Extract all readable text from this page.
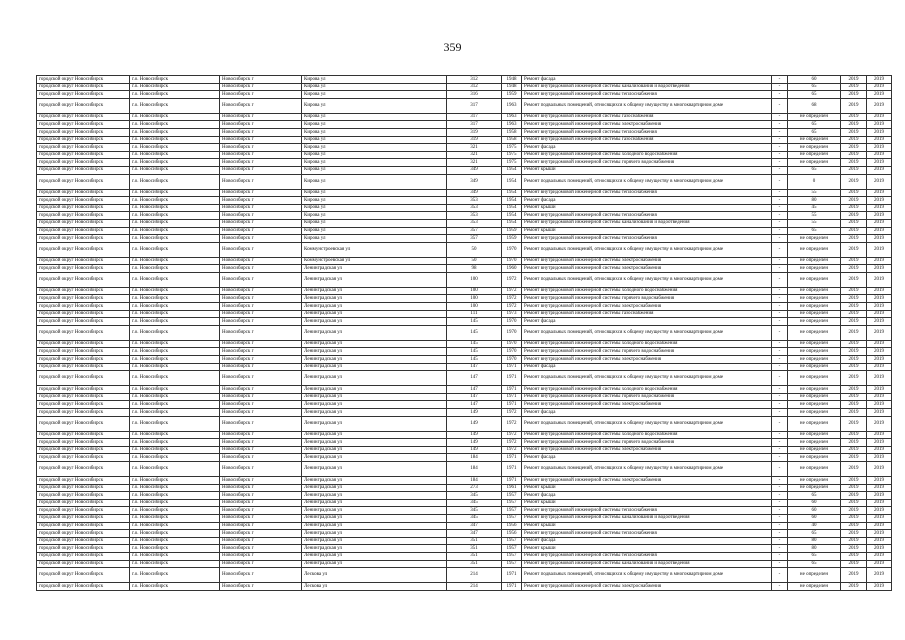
359
городской округ Новосибирск	г.о. Новосибирск	Новосибирск г	Кирова ул	312	1948	Ремонт фасада	-	60	2019	2019
городской округ Новосибирск	г.о. Новосибирск	Новосибирск г	Кирова ул	312	1948	Ремонт внутридомовой инженерной системы канализования и водоотведения	-	65	2019	2019
городской округ Новосибирск	г.о. Новосибирск	Новосибирск г	Кирова ул	316	1959	Ремонт внутридомовой инженерной системы теплоснабжения	-	65	2019	2019
городской округ Новосибирск	г.о. Новосибирск	Новосибирск г	Кирова ул	317	1963	Ремонт подвальных помещений, относящихся к общему имуществу в многоквартирном доме	-	68	2019	2019
городской округ Новосибирск	г.о. Новосибирск	Новосибирск г	Кирова ул	317	1963	Ремонт внутридомовой инженерной системы газоснабжения	-	не определен	2019	2019
городской округ Новосибирск	г.о. Новосибирск	Новосибирск г	Кирова ул	317	1963	Ремонт внутридомовой инженерной системы электроснабжения	-	65	2019	2019
городской округ Новосибирск	г.о. Новосибирск	Новосибирск г	Кирова ул	319	1958	Ремонт внутридомовой инженерной системы теплоснабжения	-	65	2019	2019
городской округ Новосибирск	г.о. Новосибирск	Новосибирск г	Кирова ул	319	1958	Ремонт внутридомовой инженерной системы газоснабжения	-	не определен	2019	2019
городской округ Новосибирск	г.о. Новосибирск	Новосибирск г	Кирова ул	321	1975	Ремонт фасада	-	не определен	2019	2019
городской округ Новосибирск	г.о. Новосибирск	Новосибирск г	Кирова ул	321	1975	Ремонт внутридомовой инженерной системы холодного водоснабжения	-	не определен	2019	2019
городской округ Новосибирск	г.о. Новосибирск	Новосибирск г	Кирова ул	321	1975	Ремонт внутридомовой инженерной системы горячего водоснабжения	-	не определен	2019	2019
городской округ Новосибирск	г.о. Новосибирск	Новосибирск г	Кирова ул	349	1954	Ремонт крыши	-	65	2019	2019
городской округ Новосибирск	г.о. Новосибирск	Новосибирск г	Кирова ул	349	1954	Ремонт подвальных помещений, относящихся к общему имуществу в многоквартирном доме	-	0	2019	2019
городской округ Новосибирск	г.о. Новосибирск	Новосибирск г	Кирова ул	349	1954	Ремонт внутридомовой инженерной системы теплоснабжения	-	55	2019	2019
городской округ Новосибирск	г.о. Новосибирск	Новосибирск г	Кирова ул	353	1954	Ремонт фасада	-	80	2019	2019
городской округ Новосибирск	г.о. Новосибирск	Новосибирск г	Кирова ул	353	1954	Ремонт крыши	-	45	2019	2019
городской округ Новосибирск	г.о. Новосибирск	Новосибирск г	Кирова ул	353	1954	Ремонт внутридомовой инженерной системы теплоснабжения	-	55	2019	2019
городской округ Новосибирск	г.о. Новосибирск	Новосибирск г	Кирова ул	353	1954	Ремонт внутридомовой инженерной системы канализования и водоотведения	-	55	2019	2019
городской округ Новосибирск	г.о. Новосибирск	Новосибирск г	Кирова ул	357	1959	Ремонт крыши	-	65	2019	2019
городской округ Новосибирск	г.о. Новосибирск	Новосибирск г	Кирова ул	357	1959	Ремонт внутридомовой инженерной системы теплоснабжения	-	не определен	2019	2019
городской округ Новосибирск	г.о. Новосибирск	Новосибирск г	Коммунстроевская ул	50	1970	Ремонт подвальных помещений, относящихся к общему имуществу в многоквартирном доме	-	не определен	2019	2019
городской округ Новосибирск	г.о. Новосибирск	Новосибирск г	Коммунстроевская ул	50	1970	Ремонт внутридомовой инженерной системы электроснабжения	-	не определен	2019	2019
городской округ Новосибирск	г.о. Новосибирск	Новосибирск г	Ленинградская ул	98	1960	Ремонт внутридомовой инженерной системы электроснабжения	-	не определен	2019	2019
городской округ Новосибирск	г.о. Новосибирск	Новосибирск г	Ленинградская ул	100	1972	Ремонт подвальных помещений, относящихся к общему имуществу в многоквартирном доме	-	не определен	2019	2019
городской округ Новосибирск	г.о. Новосибирск	Новосибирск г	Ленинградская ул	100	1972	Ремонт внутридомовой инженерной системы холодного водоснабжения	-	не определен	2019	2019
городской округ Новосибирск	г.о. Новосибирск	Новосибирск г	Ленинградская ул	100	1972	Ремонт внутридомовой инженерной системы горячего водоснабжения	-	не определен	2019	2019
городской округ Новосибирск	г.о. Новосибирск	Новосибирск г	Ленинградская ул	100	1972	Ремонт внутридомовой инженерной системы электроснабжения	-	не определен	2019	2019
городской округ Новосибирск	г.о. Новосибирск	Новосибирск г	Ленинградская ул	111	1973	Ремонт внутридомовой инженерной системы газоснабжения	-	не определен	2019	2019
городской округ Новосибирск	г.о. Новосибирск	Новосибирск г	Ленинградская ул	145	1970	Ремонт фасада	-	не определен	2019	2019
городской округ Новосибирск	г.о. Новосибирск	Новосибирск г	Ленинградская ул	145	1970	Ремонт подвальных помещений, относящихся к общему имуществу в многоквартирном доме	-	не определен	2019	2019
городской округ Новосибирск	г.о. Новосибирск	Новосибирск г	Ленинградская ул	145	1970	Ремонт внутридомовой инженерной системы холодного водоснабжения	-	не определен	2019	2019
городской округ Новосибирск	г.о. Новосибирск	Новосибирск г	Ленинградская ул	145	1970	Ремонт внутридомовой инженерной системы горячего водоснабжения	-	не определен	2019	2019
городской округ Новосибирск	г.о. Новосибирск	Новосибирск г	Ленинградская ул	145	1970	Ремонт внутридомовой инженерной системы электроснабжения	-	не определен	2019	2019
городской округ Новосибирск	г.о. Новосибирск	Новосибирск г	Ленинградская ул	147	1971	Ремонт фасада	-	не определен	2019	2019
городской округ Новосибирск	г.о. Новосибирск	Новосибирск г	Ленинградская ул	147	1971	Ремонт подвальных помещений, относящихся к общему имуществу в многоквартирном доме	-	не определен	2019	2019
городской округ Новосибирск	г.о. Новосибирск	Новосибирск г	Ленинградская ул	147	1971	Ремонт внутридомовой инженерной системы холодного водоснабжения	-	не определен	2019	2019
городской округ Новосибирск	г.о. Новосибирск	Новосибирск г	Ленинградская ул	147	1971	Ремонт внутридомовой инженерной системы горячего водоснабжения	-	не определен	2019	2019
городской округ Новосибирск	г.о. Новосибирск	Новосибирск г	Ленинградская ул	147	1971	Ремонт внутридомовой инженерной системы электроснабжения	-	не определен	2019	2019
городской округ Новосибирск	г.о. Новосибирск	Новосибирск г	Ленинградская ул	149	1972	Ремонт фасада	-	не определен	2019	2019
городской округ Новосибирск	г.о. Новосибирск	Новосибирск г	Ленинградская ул	149	1972	Ремонт подвальных помещений, относящихся к общему имуществу в многоквартирном доме	-	не определен	2019	2019
городской округ Новосибирск	г.о. Новосибирск	Новосибирск г	Ленинградская ул	149	1972	Ремонт внутридомовой инженерной системы холодного водоснабжения	-	не определен	2019	2019
городской округ Новосибирск	г.о. Новосибирск	Новосибирск г	Ленинградская ул	149	1972	Ремонт внутридомовой инженерной системы горячего водоснабжения	-	не определен	2019	2019
городской округ Новосибирск	г.о. Новосибирск	Новосибирск г	Ленинградская ул	149	1972	Ремонт внутридомовой инженерной системы электроснабжения	-	не определен	2019	2019
городской округ Новосибирск	г.о. Новосибирск	Новосибирск г	Ленинградская ул	184	1971	Ремонт фасада	-	не определен	2019	2019
городской округ Новосибирск	г.о. Новосибирск	Новосибирск г	Ленинградская ул	184	1971	Ремонт подвальных помещений, относящихся к общему имуществу в многоквартирном доме	-	не определен	2019	2019
городской округ Новосибирск	г.о. Новосибирск	Новосибирск г	Ленинградская ул	184	1971	Ремонт внутридомовой инженерной системы электроснабжения	-	не определен	2019	2019
городской округ Новосибирск	г.о. Новосибирск	Новосибирск г	Ленинградская ул	273	1961	Ремонт крыши	-	не определен	2019	2019
городской округ Новосибирск	г.о. Новосибирск	Новосибирск г	Ленинградская ул	345	1957	Ремонт фасада	-	65	2019	2019
городской округ Новосибирск	г.о. Новосибирск	Новосибирск г	Ленинградская ул	345	1957	Ремонт крыши	-	60	2019	2019
городской округ Новосибирск	г.о. Новосибирск	Новосибирск г	Ленинградская ул	345	1957	Ремонт внутридомовой инженерной системы теплоснабжения	-	60	2019	2019
городской округ Новосибирск	г.о. Новосибирск	Новосибирск г	Ленинградская ул	345	1957	Ремонт внутридомовой инженерной системы канализования и водоотведения	-	60	2019	2019
городской округ Новосибирск	г.о. Новосибирск	Новосибирск г	Ленинградская ул	347	1956	Ремонт крыши	-	40	2019	2019
городской округ Новосибирск	г.о. Новосибирск	Новосибирск г	Ленинградская ул	347	1956	Ремонт внутридомовой инженерной системы теплоснабжения	-	65	2019	2019
городской округ Новосибирск	г.о. Новосибирск	Новосибирск г	Ленинградская ул	351	1957	Ремонт фасада	-	80	2019	2019
городской округ Новосибирск	г.о. Новосибирск	Новосибирск г	Ленинградская ул	351	1957	Ремонт крыши	-	80	2019	2019
городской округ Новосибирск	г.о. Новосибирск	Новосибирск г	Ленинградская ул	351	1957	Ремонт внутридомовой инженерной системы теплоснабжения	-	65	2019	2019
городской округ Новосибирск	г.о. Новосибирск	Новосибирск г	Ленинградская ул	351	1957	Ремонт внутридомовой инженерной системы канализования и водоотведения	-	65	2019	2019
городской округ Новосибирск	г.о. Новосибирск	Новосибирск г	Лескова ул	214	1971	Ремонт подвальных помещений, относящихся к общему имуществу в многоквартирном доме	-	не определен	2019	2019
городской округ Новосибирск	г.о. Новосибирск	Новосибирск г	Лескова ул	214	1971	Ремонт внутридомовой инженерной системы электроснабжения	-	не определен	2019	2019
